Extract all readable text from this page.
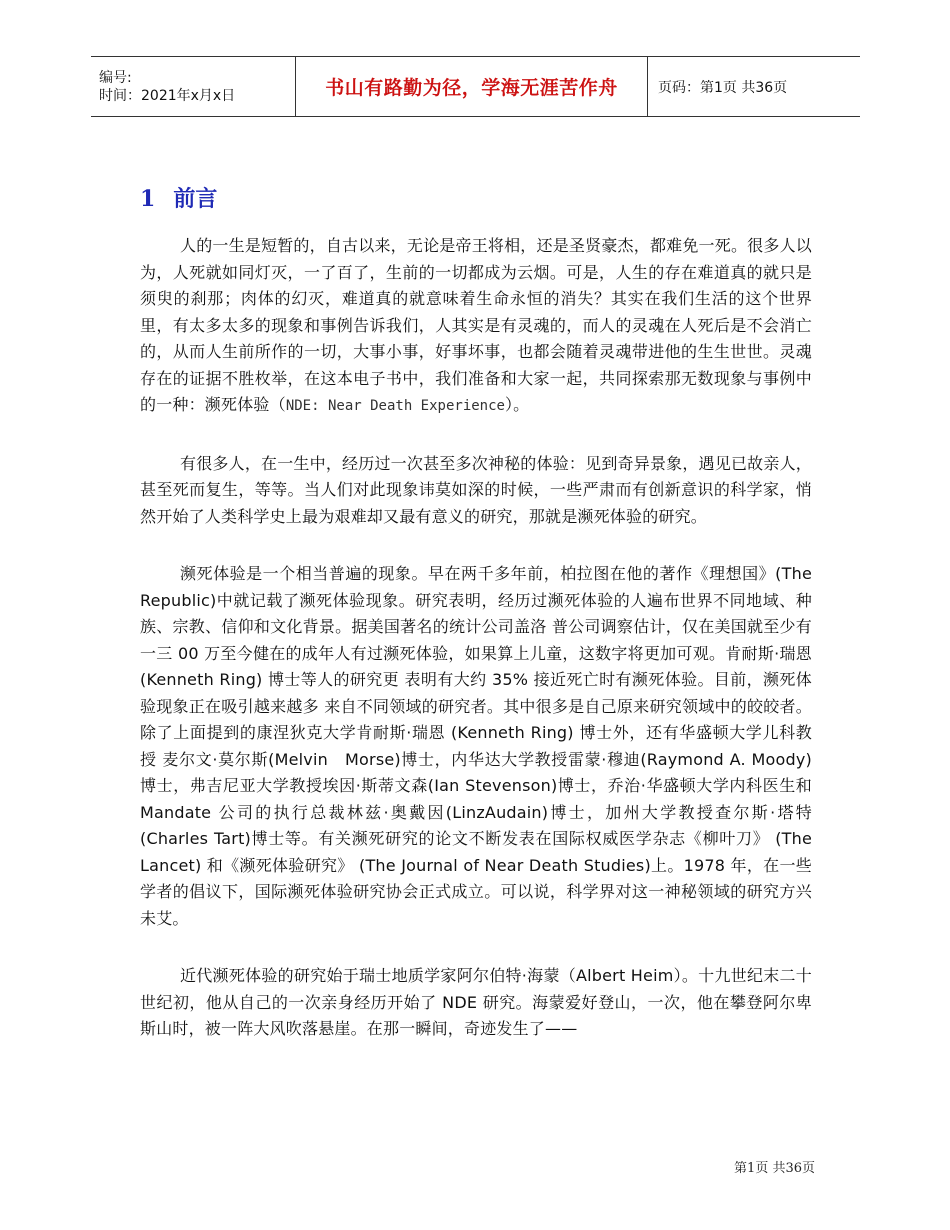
编号:
时间：2021年x月x日	书山有路勤为径，学海无涯苦作舟	页码：第1页 共36页
1 前言

人的一生是短暂的，自古以来，无论是帝王将相，还是圣贤豪杰，都难免一死。很多人以为，人死就如同灯灭，一了百了，生前的一切都成为云烟。可是，人生的存在难道真的就只是须臾的刹那；肉体的幻灭，难道真的就意味着生命永恒的消失？其实在我们生活的这个世界里，有太多太多的现象和事例告诉我们，人其实是有灵魂的，而人的灵魂在人死后是不会消亡的，从而人生前所作的一切，大事小事，好事坏事，也都会随着灵魂带进他的生生世世。灵魂存在的证据不胜枚举，在这本电子书中，我们准备和大家一起，共同探索那无数现象与事例中的一种：濒死体验（NDE: Near Death Experience）。

有很多人，在一生中，经历过一次甚至多次神秘的体验：见到奇异景象，遇见已故亲人，甚至死而复生，等等。当人们对此现象讳莫如深的时候，一些严肃而有创新意识的科学家，悄然开始了人类科学史上最为艰难却又最有意义的研究，那就是濒死体验的研究。

濒死体验是一个相当普遍的现象。早在两千多年前，柏拉图在他的著作《理想国》(The Republic)中就记载了濒死体验现象。研究表明，经历过濒死体验的人遍布世界不同地域、种族、宗教、信仰和文化背景。据美国著名的统计公司盖洛 普公司调察估计，仅在美国就至少有一三 00 万至今健在的成年人有过濒死体验，如果算上儿童，这数字将更加可观。肯耐斯·瑞恩 (Kenneth Ring) 博士等人的研究更 表明有大约 35% 接近死亡时有濒死体验。目前，濒死体验现象正在吸引越来越多 来自不同领域的研究者。其中很多是自己原来研究领域中的皎皎者。除了上面提到的康涅狄克大学肯耐斯·瑞恩 (Kenneth Ring) 博士外，还有华盛顿大学儿科教授 麦尔文·莫尔斯(Melvin　Morse)博士，内华达大学教授雷蒙·穆迪(Raymond A. Moody)博士，弗吉尼亚大学教授埃因·斯蒂文森(Ian Stevenson)博士，乔治·华盛顿大学内科医生和 Mandate 公司的执行总裁林兹·奥戴因(LinzAudain)博士，加州大学教授查尔斯·塔特(Charles Tart)博士等。有关濒死研究的论文不断发表在国际权威医学杂志《柳叶刀》 (The Lancet) 和《濒死体验研究》 (The Journal of Near Death Studies)上。1978 年，在一些学者的倡议下，国际濒死体验研究协会正式成立。可以说，科学界对这一神秘领域的研究方兴未艾。

近代濒死体验的研究始于瑞士地质学家阿尔伯特·海蒙（Albert Heim）。十九世纪末二十世纪初，他从自己的一次亲身经历开始了 NDE 研究。海蒙爱好登山，一次，他在攀登阿尔卑斯山时，被一阵大风吹落悬崖。在那一瞬间，奇迹发生了——

第1页 共36页
